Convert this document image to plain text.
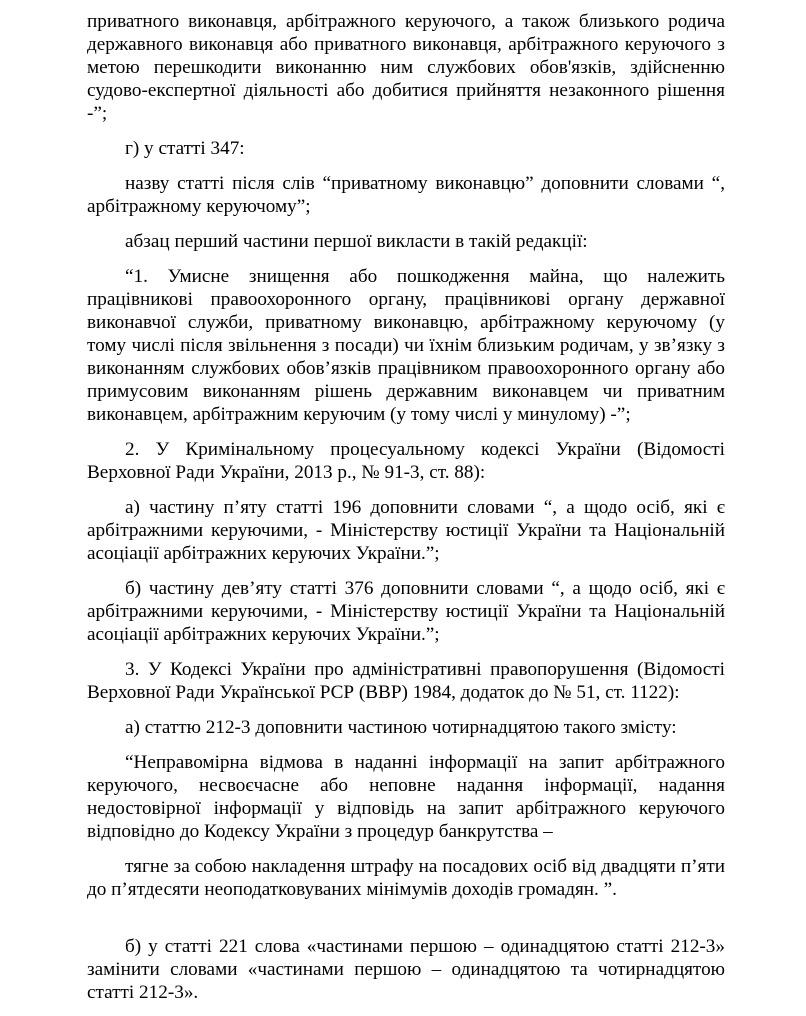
приватного виконавця, арбітражного керуючого, а також близького родича державного виконавця або приватного виконавця, арбітражного керуючого з метою перешкодити виконанню ним службових обов'язків, здійсненню судово-експертної діяльності або добитися прийняття незаконного рішення -”;

г) у статті 347:

назву статті після слів “приватному виконавцю” доповнити словами “, арбітражному керуючому”;

абзац перший частини першої викласти в такій редакції:

“1. Умисне знищення або пошкодження майна, що належить працівникові правоохоронного органу, працівникові органу державної виконавчої служби, приватному виконавцю, арбітражному керуючому (у тому числі після звільнення з посади) чи їхнім близьким родичам, у зв’язку з виконанням службових обов’язків працівником правоохоронного органу або примусовим виконанням рішень державним виконавцем чи приватним виконавцем, арбітражним керуючим (у тому числі у минулому) -”;

2. У Кримінальному процесуальному кодексі України (Відомості Верховної Ради України, 2013 р., № 91-3, ст. 88):

а) частину п’яту статті 196 доповнити словами “, а щодо осіб, які є арбітражними керуючими, - Міністерству юстиції України та Національній асоціації арбітражних керуючих України.”;

б) частину дев’яту статті 376 доповнити словами “, а щодо осіб, які є арбітражними керуючими, - Міністерству юстиції України та Національній асоціації арбітражних керуючих України.”;

3. У Кодексі України про адміністративні правопорушення (Відомості Верховної Ради Української РСР (ВВР) 1984, додаток до № 51, ст. 1122):

а) статтю 212-3 доповнити частиною чотирнадцятою такого змісту:

“Неправомірна відмова в наданні інформації на запит арбітражного керуючого, несвоєчасне або неповне надання інформації, надання недостовірної інформації у відповідь на запит арбітражного керуючого відповідно до Кодексу України з процедур банкрутства –

тягне за собою накладення штрафу на посадових осіб від двадцяти п’яти до п’ятдесяти неоподатковуваних мінімумів доходів громадян. ”.

б) у статті 221 слова «частинами першою – одинадцятою статті 212-3» замінити словами «частинами першою – одинадцятою та чотирнадцятою статті 212-3».
